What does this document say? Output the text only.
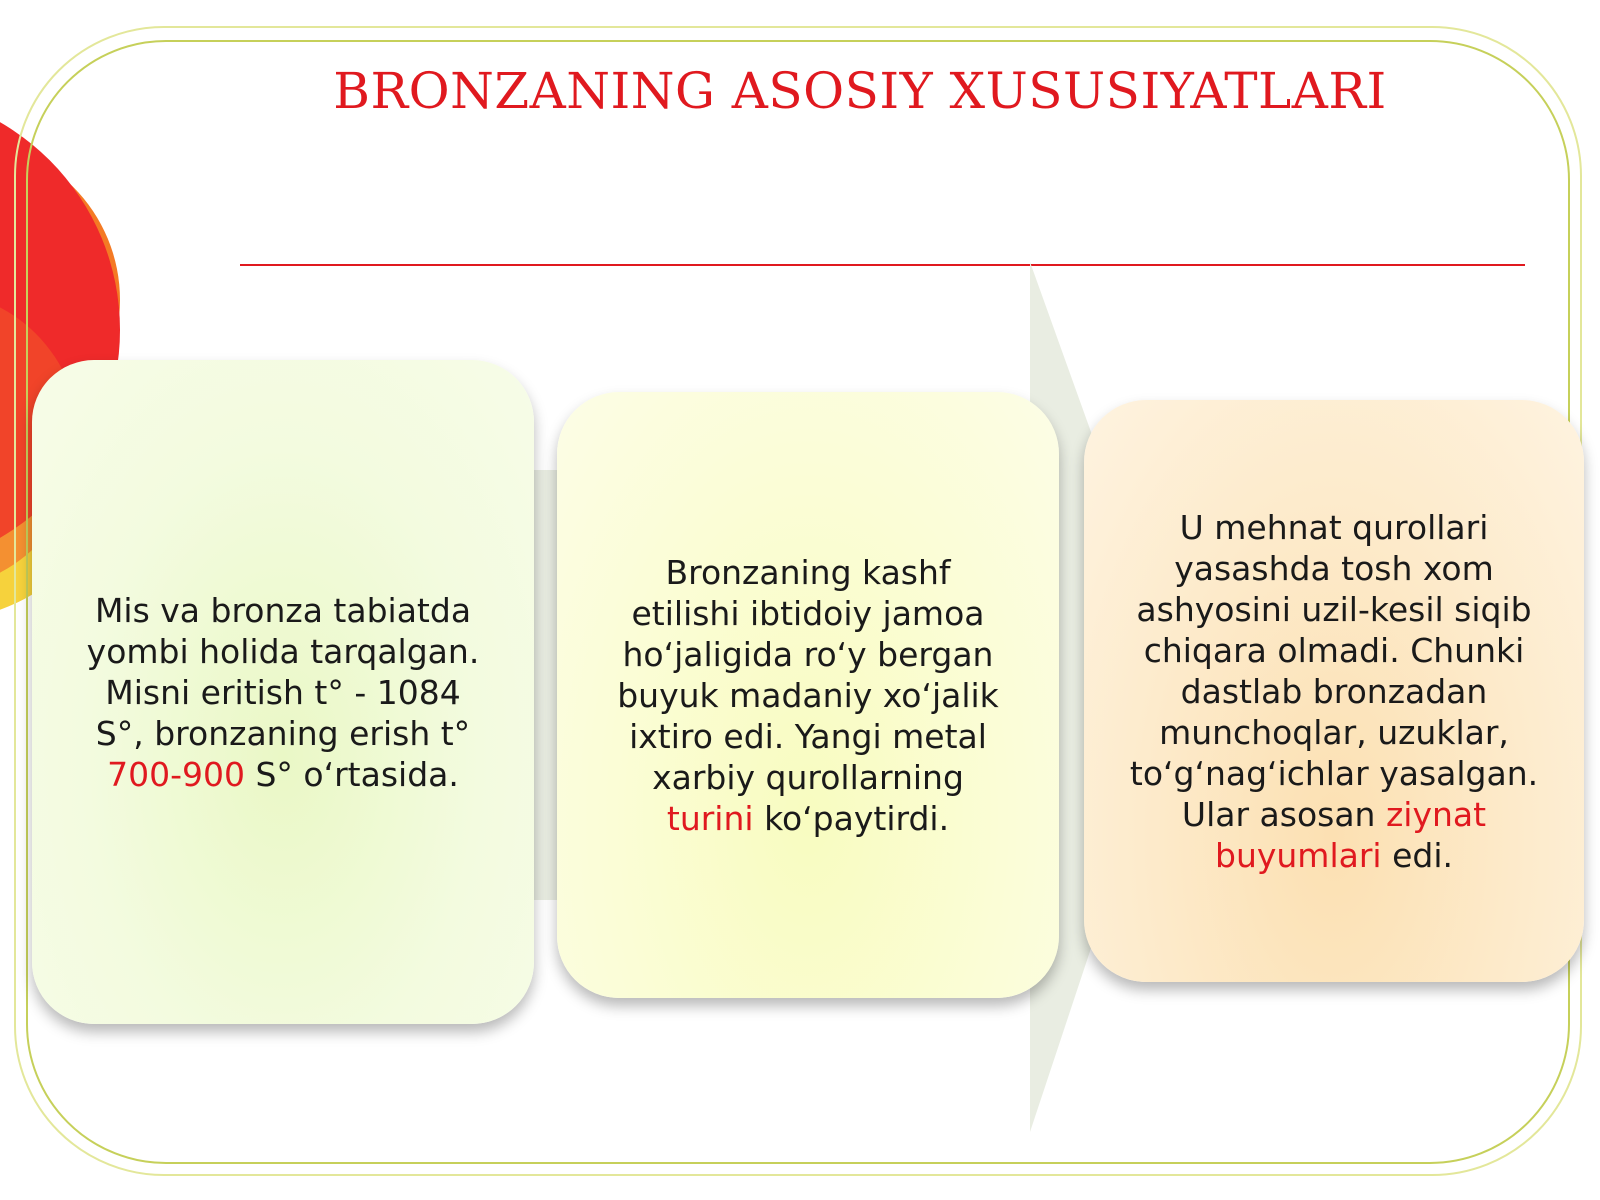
BRONZANING ASOSIY XUSUSIYATLARI
Mis va bronza tabiatda
yombi holida tarqalgan.
Misni eritish t° - 1084
S°, bronzaning erish t°
700-900 S° o‘rtasida.
Bronzaning kashf
etilishi ibtidoiy jamoa
ho‘jaligida ro‘y bergan
buyuk madaniy xo‘jalik
ixtiro edi. Yangi metal
xarbiy qurollarning
turini ko‘paytirdi.
U mehnat qurollari
yasashda tosh xom
ashyosini uzil-kesil siqib
chiqara olmadi. Chunki
dastlab bronzadan
munchoqlar, uzuklar,
to‘g‘nag‘ichlar yasalgan.
Ular asosan ziynat
buyumlari edi.
